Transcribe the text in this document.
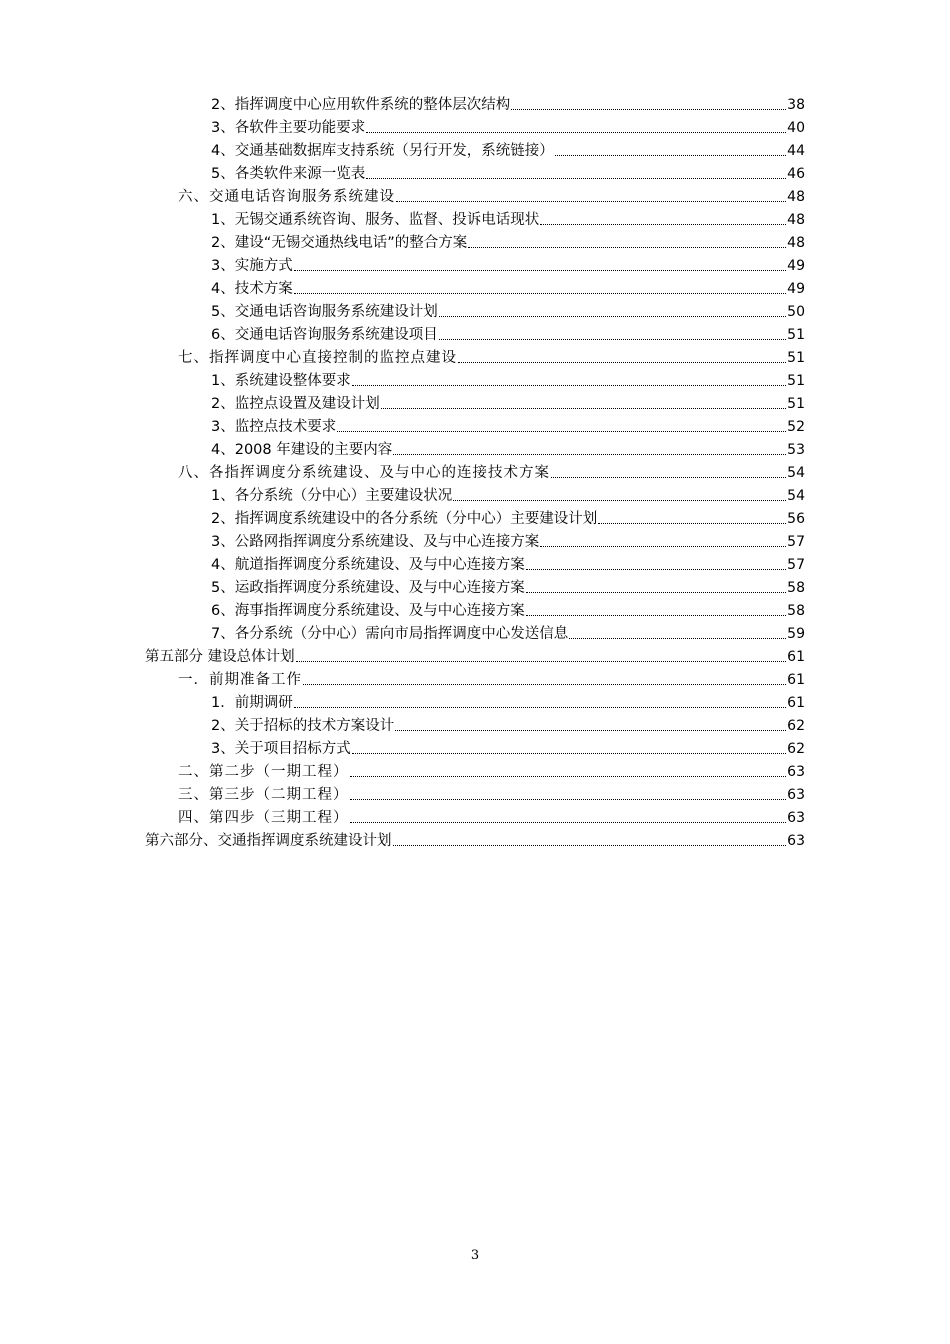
2、指挥调度中心应用软件系统的整体层次结构	38
3、各软件主要功能要求	40
4、交通基础数据库支持系统（另行开发，系统链接）	44
5、各类软件来源一览表	46
六、交通电话咨询服务系统建设	48
1、无锡交通系统咨询、服务、监督、投诉电话现状	48
2、建设“无锡交通热线电话”的整合方案	48
3、实施方式	49
4、技术方案	49
5、交通电话咨询服务系统建设计划	50
6、交通电话咨询服务系统建设项目	51
七、指挥调度中心直接控制的监控点建设	51
1、系统建设整体要求	51
2、监控点设置及建设计划	51
3、监控点技术要求	52
4、2008 年建设的主要内容	53
八、各指挥调度分系统建设、及与中心的连接技术方案	54
1、各分系统（分中心）主要建设状况	54
2、指挥调度系统建设中的各分系统（分中心）主要建设计划	56
3、公路网指挥调度分系统建设、及与中心连接方案	57
4、航道指挥调度分系统建设、及与中心连接方案	57
5、运政指挥调度分系统建设、及与中心连接方案	58
6、海事指挥调度分系统建设、及与中心连接方案	58
7、各分系统（分中心）需向市局指挥调度中心发送信息	59
第五部分 建设总体计划	61
一．前期准备工作	61
1．前期调研	61
2、关于招标的技术方案设计	62
3、关于项目招标方式	62
二、第二步（一期工程）	63
三、第三步（二期工程）	63
四、第四步（三期工程）	63
第六部分、交通指挥调度系统建设计划	63
3
